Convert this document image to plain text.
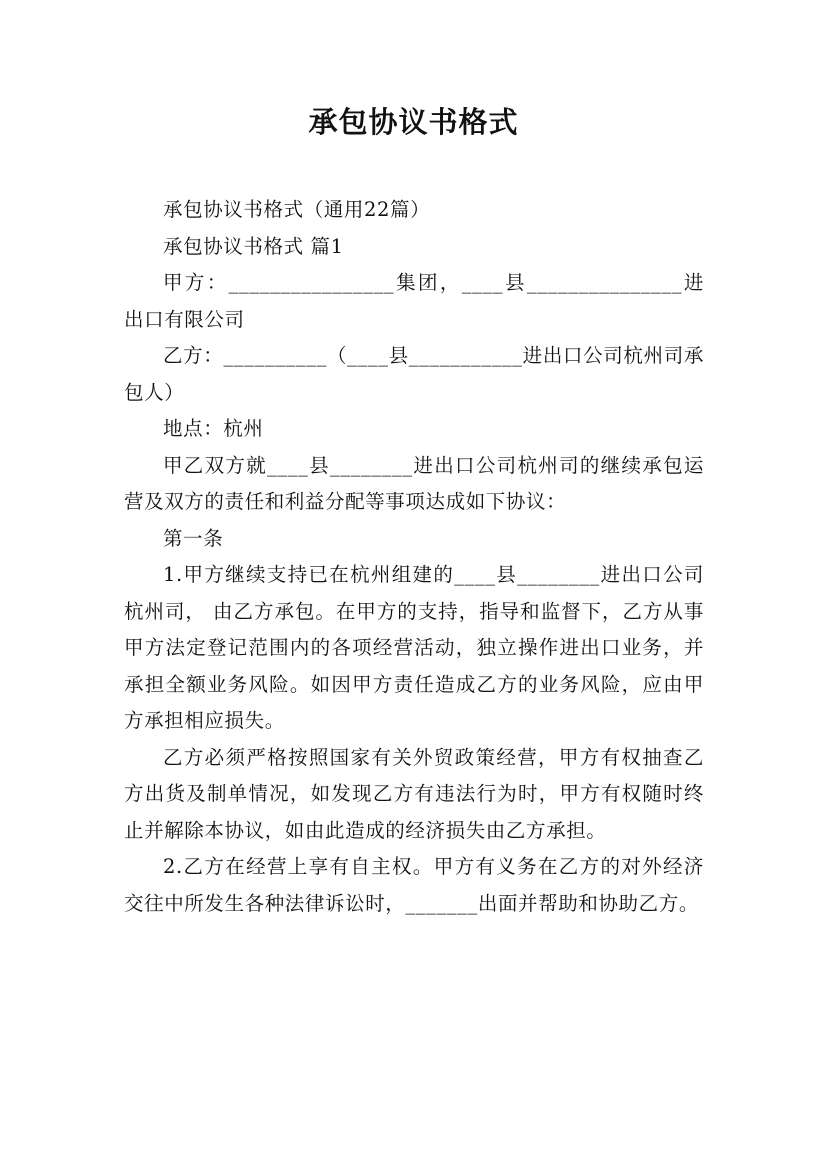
承包协议书格式

承包协议书格式（通用22篇）

承包协议书格式 篇1

甲方：________________集团，____县_______________进出口有限公司

乙方：__________（____县___________进出口公司杭州司承包人）

地点：杭州

甲乙双方就____县________进出口公司杭州司的继续承包运营及双方的责任和利益分配等事项达成如下协议：

第一条

1.甲方继续支持已在杭州组建的____县________进出口公司杭州司， 由乙方承包。在甲方的支持，指导和监督下，乙方从事甲方法定登记范围内的各项经营活动，独立操作进出口业务，并承担全额业务风险。如因甲方责任造成乙方的业务风险，应由甲方承担相应损失。

乙方必须严格按照国家有关外贸政策经营，甲方有权抽查乙方出货及制单情况，如发现乙方有违法行为时，甲方有权随时终止并解除本协议，如由此造成的经济损失由乙方承担。

2.乙方在经营上享有自主权。甲方有义务在乙方的对外经济交往中所发生各种法律诉讼时，_______出面并帮助和协助乙方。
